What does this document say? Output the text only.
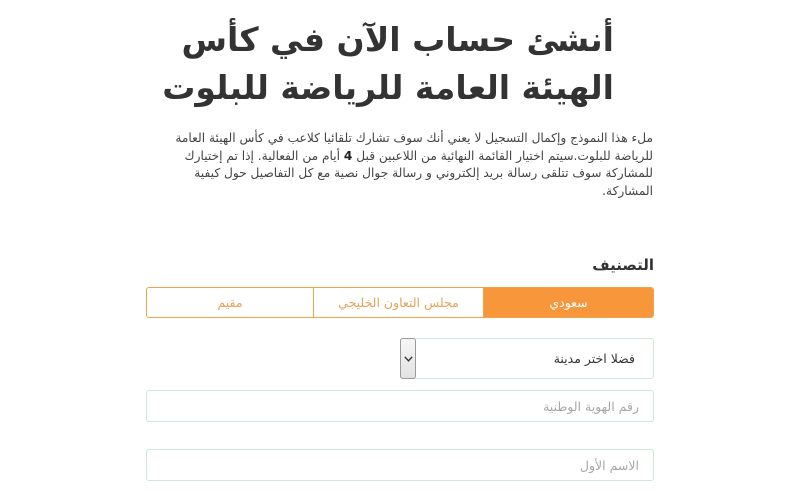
أنشئ حساب الآن في كأس
الهيئة العامة للرياضة للبلوت

ملء هذا النموذج وإكمال التسجيل لا يعني أنك سوف تشارك تلقائيا كلاعب في كأس الهيئة العامة للرياضة للبلوت.سيتم اختيار القائمة النهائية من اللاعبين قبل 4 أيام من الفعالية. إذا تم إختيارك للمشاركة سوف تتلقى رسالة بريد إلكتروني و رسالة جوال نصية مع كل التفاصيل حول كيفية المشاركة.

التصنيف
سعودي
مجلس التعاون الخليجي
مقيم
فضلا اختر مدينة
رقم الهوية الوطنية
الاسم الأول
